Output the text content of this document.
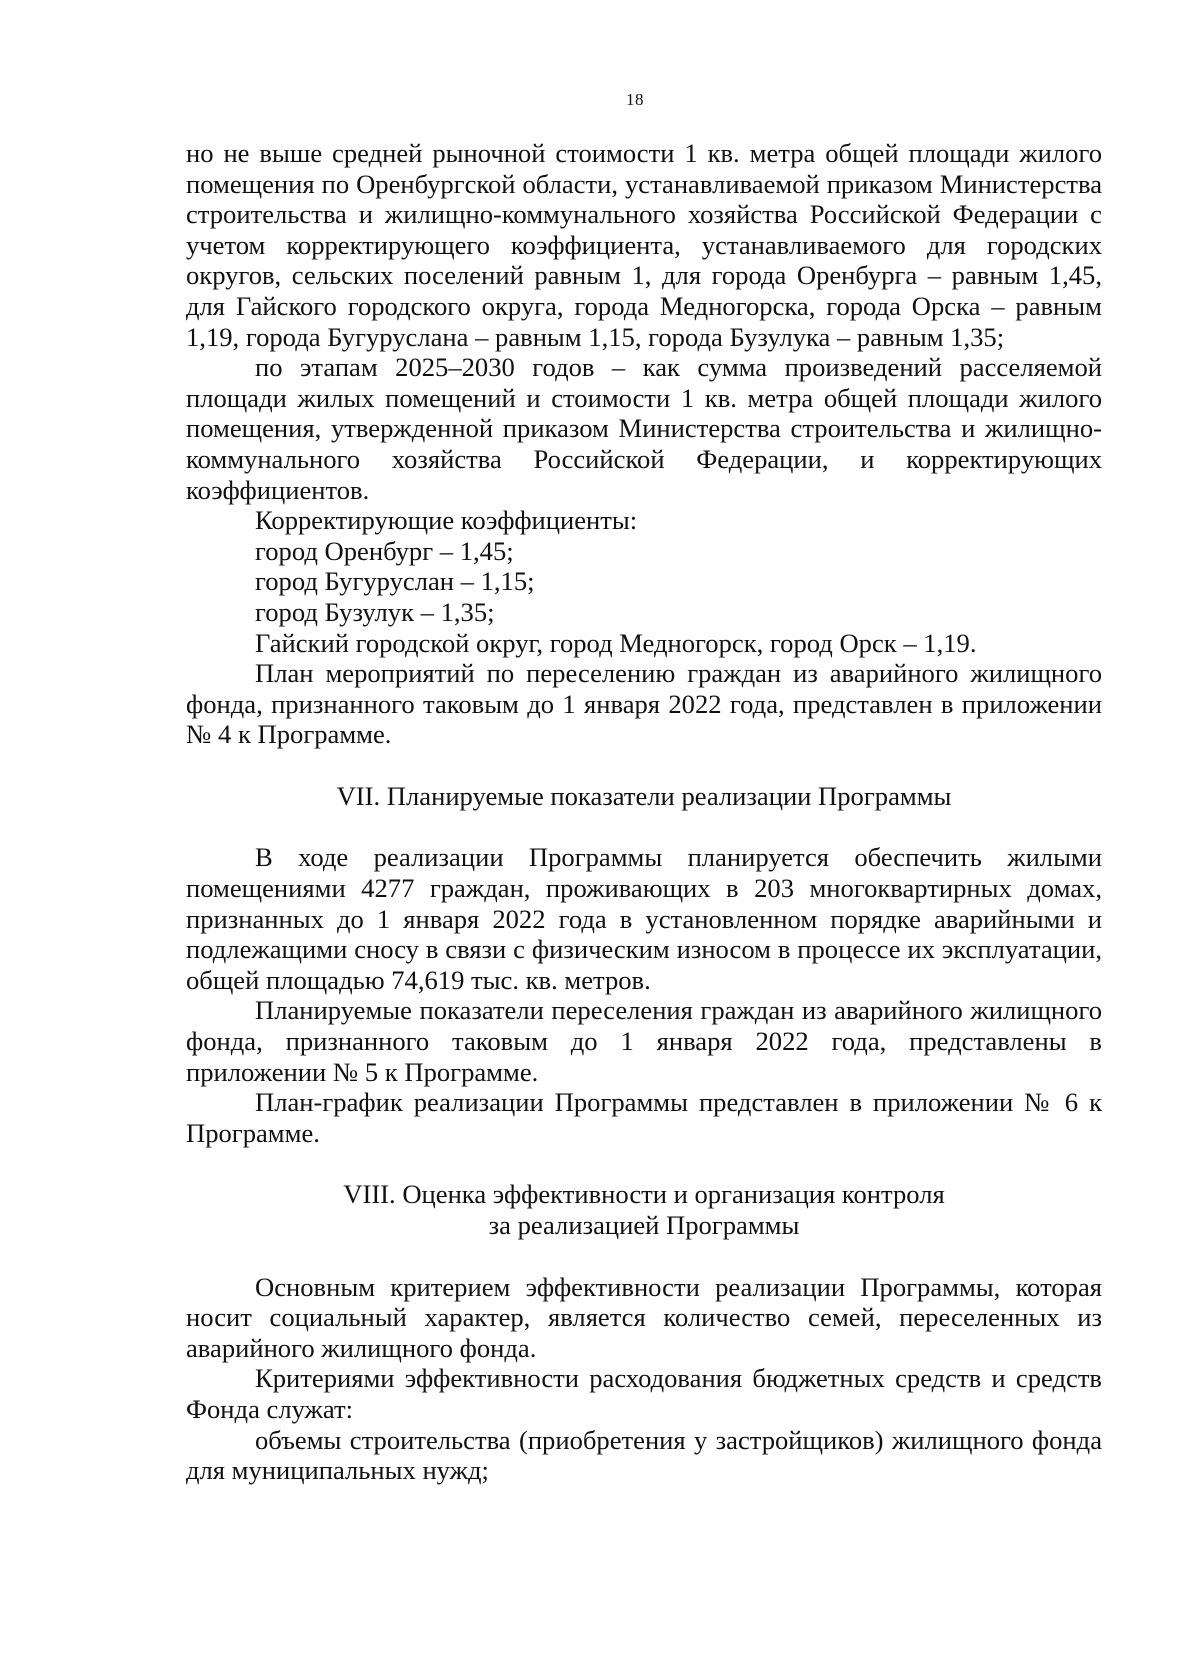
18

но не выше средней рыночной стоимости 1 кв. метра общей площади жилого помещения по Оренбургской области, устанавливаемой приказом Министерства строительства и жилищно-коммунального хозяйства Российской Федерации с учетом корректирующего коэффициента, устанавливаемого для городских округов, сельских поселений равным 1, для города Оренбурга – равным 1,45, для Гайского городского округа, города Медногорска, города Орска – равным 1,19, города Бугуруслана – равным 1,15, города Бузулука – равным 1,35;

по этапам 2025–2030 годов – как сумма произведений расселяемой площади жилых помещений и стоимости 1 кв. метра общей площади жилого помещения, утвержденной приказом Министерства строительства и жилищно-коммунального хозяйства Российской Федерации, и корректирующих коэффициентов.

Корректирующие коэффициенты:

город Оренбург – 1,45;

город Бугуруслан – 1,15;

город Бузулук – 1,35;

Гайский городской округ, город Медногорск, город Орск – 1,19.

План мероприятий по переселению граждан из аварийного жилищного фонда, признанного таковым до 1 января 2022 года, представлен в приложении № 4 к Программе.

VII. Планируемые показатели реализации Программы

В ходе реализации Программы планируется обеспечить жилыми помещениями 4277 граждан, проживающих в 203 многоквартирных домах, признанных до 1 января 2022 года в установленном порядке аварийными и подлежащими сносу в связи с физическим износом в процессе их эксплуатации, общей площадью 74,619 тыс. кв. метров.

Планируемые показатели переселения граждан из аварийного жилищного фонда, признанного таковым до 1 января 2022 года, представлены в приложении № 5 к Программе.

План-график реализации Программы представлен в приложении № 6 к Программе.

VIII. Оценка эффективности и организация контроля

за реализацией Программы

Основным критерием эффективности реализации Программы, которая носит социальный характер, является количество семей, переселенных из аварийного жилищного фонда.

Критериями эффективности расходования бюджетных средств и средств Фонда служат:

объемы строительства (приобретения у застройщиков) жилищного фонда для муниципальных нужд;
